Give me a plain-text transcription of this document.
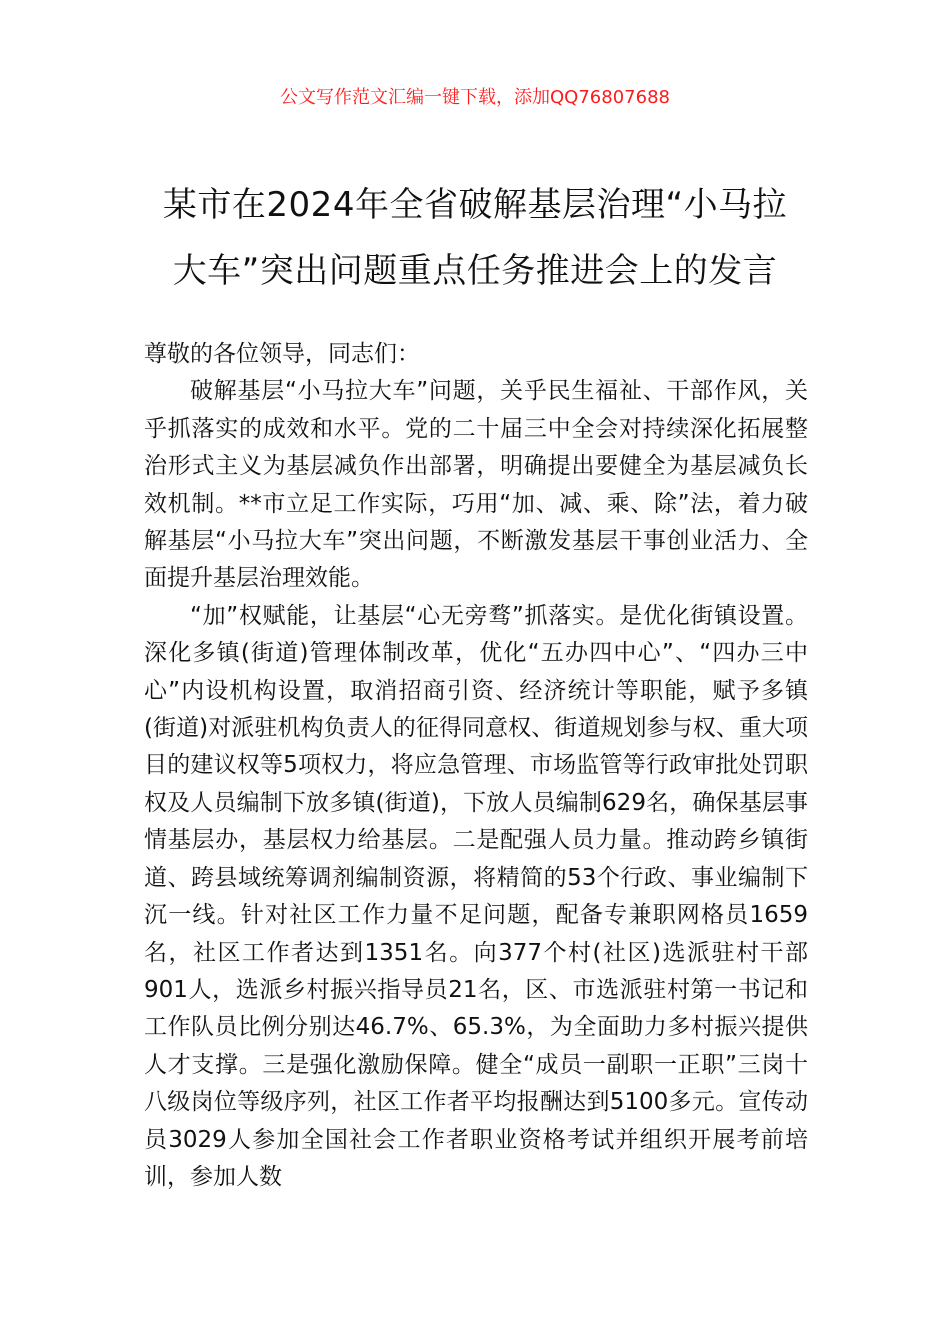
公文写作范文汇编一键下载，添加QQ76807688
某市在2024年全省破解基层治理“小马拉
大车”突出问题重点任务推进会上的发言

尊敬的各位领导，同志们：

破解基层“小马拉大车”问题，关乎民生福祉、干部作风，关乎抓落实的成效和水平。党的二十届三中全会对持续深化拓展整治形式主义为基层减负作出部署，明确提出要健全为基层减负长效机制。**市立足工作实际，巧用“加、减、乘、除”法，着力破解基层“小马拉大车”突出问题，不断激发基层干事创业活力、全面提升基层治理效能。

“加”权赋能，让基层“心无旁骛”抓落实。是优化街镇设置。深化多镇(街道)管理体制改革，优化“五办四中心”、“四办三中心”内设机构设置，取消招商引资、经济统计等职能，赋予多镇(街道)对派驻机构负责人的征得同意权、街道规划参与权、重大项目的建议权等5项权力，将应急管理、市场监管等行政审批处罚职权及人员编制下放多镇(街道)，下放人员编制629名，确保基层事情基层办，基层权力给基层。二是配强人员力量。推动跨乡镇街道、跨县域统筹调剂编制资源，将精简的53个行政、事业编制下沉一线。针对社区工作力量不足问题，配备专兼职网格员1659名，社区工作者达到1351名。向377个村(社区)选派驻村干部901人，选派乡村振兴指导员21名，区、市选派驻村第一书记和工作队员比例分别达46.7%、65.3%，为全面助力多村振兴提供人才支撑。三是强化激励保障。健全“成员一副职一正职”三岗十八级岗位等级序列，社区工作者平均报酬达到5100多元。宣传动员3029人参加全国社会工作者职业资格考试并组织开展考前培训，参加人数
